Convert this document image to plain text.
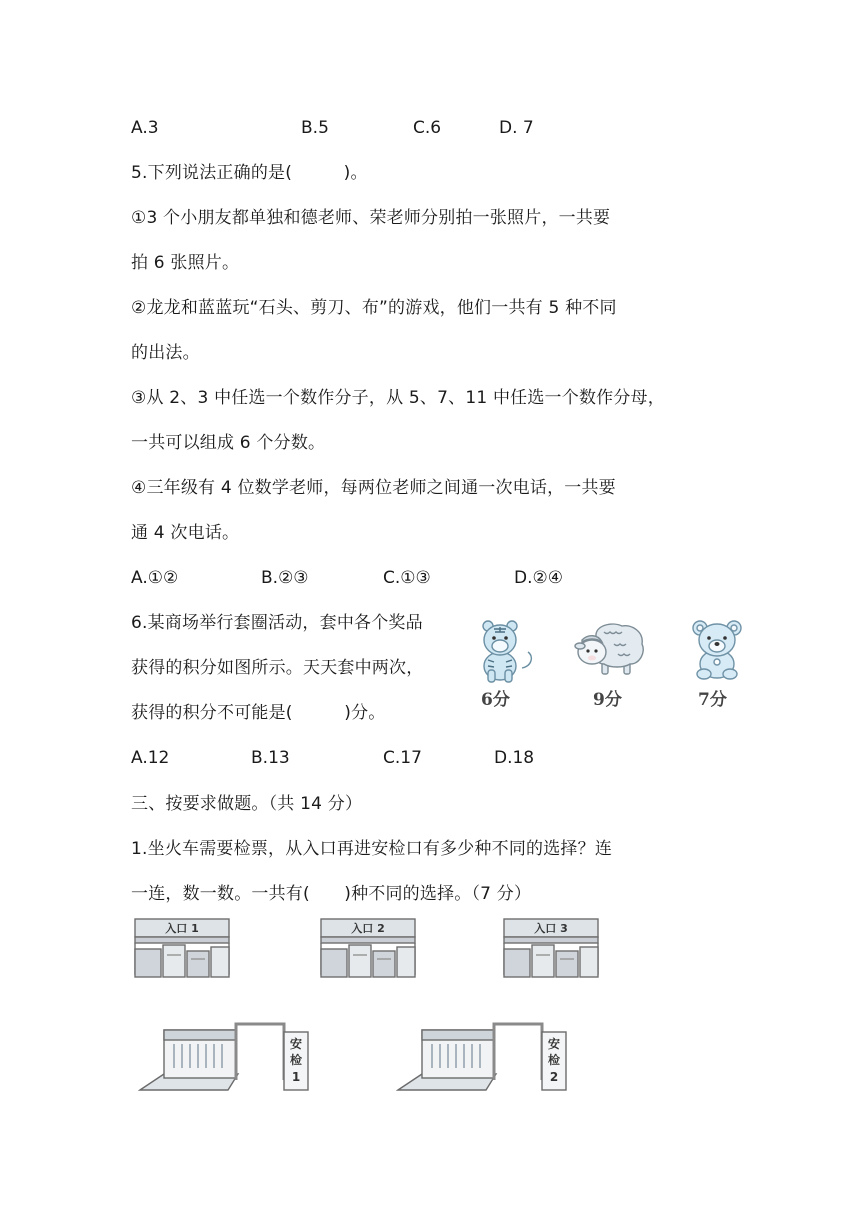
A.3	B.5	C.6	D. 7
5.下列说法正确的是(　　　)。
①3 个小朋友都单独和德老师、荣老师分别拍一张照片，一共要
拍 6 张照片。
②龙龙和蓝蓝玩“石头、剪刀、布”的游戏，他们一共有 5 种不同
的出法。
③从 2、3 中任选一个数作分子，从 5、7、11 中任选一个数作分母，
一共可以组成 6 个分数。
④三年级有 4 位数学老师，每两位老师之间通一次电话，一共要
通 4 次电话。
A.①②	B.②③	C.①③	D.②④
6.某商场举行套圈活动，套中各个奖品
获得的积分如图所示。天天套中两次，
获得的积分不可能是(　　　)分。
6分	9分	7分
A.12	B.13	C.17	D.18
三、按要求做题。（共 14 分）
1.坐火车需要检票，从入口再进安检口有多少种不同的选择？连
一连，数一数。一共有(　　)种不同的选择。（7 分）
入口 1	入口 2	入口 3
安
检
1
安
检
2
